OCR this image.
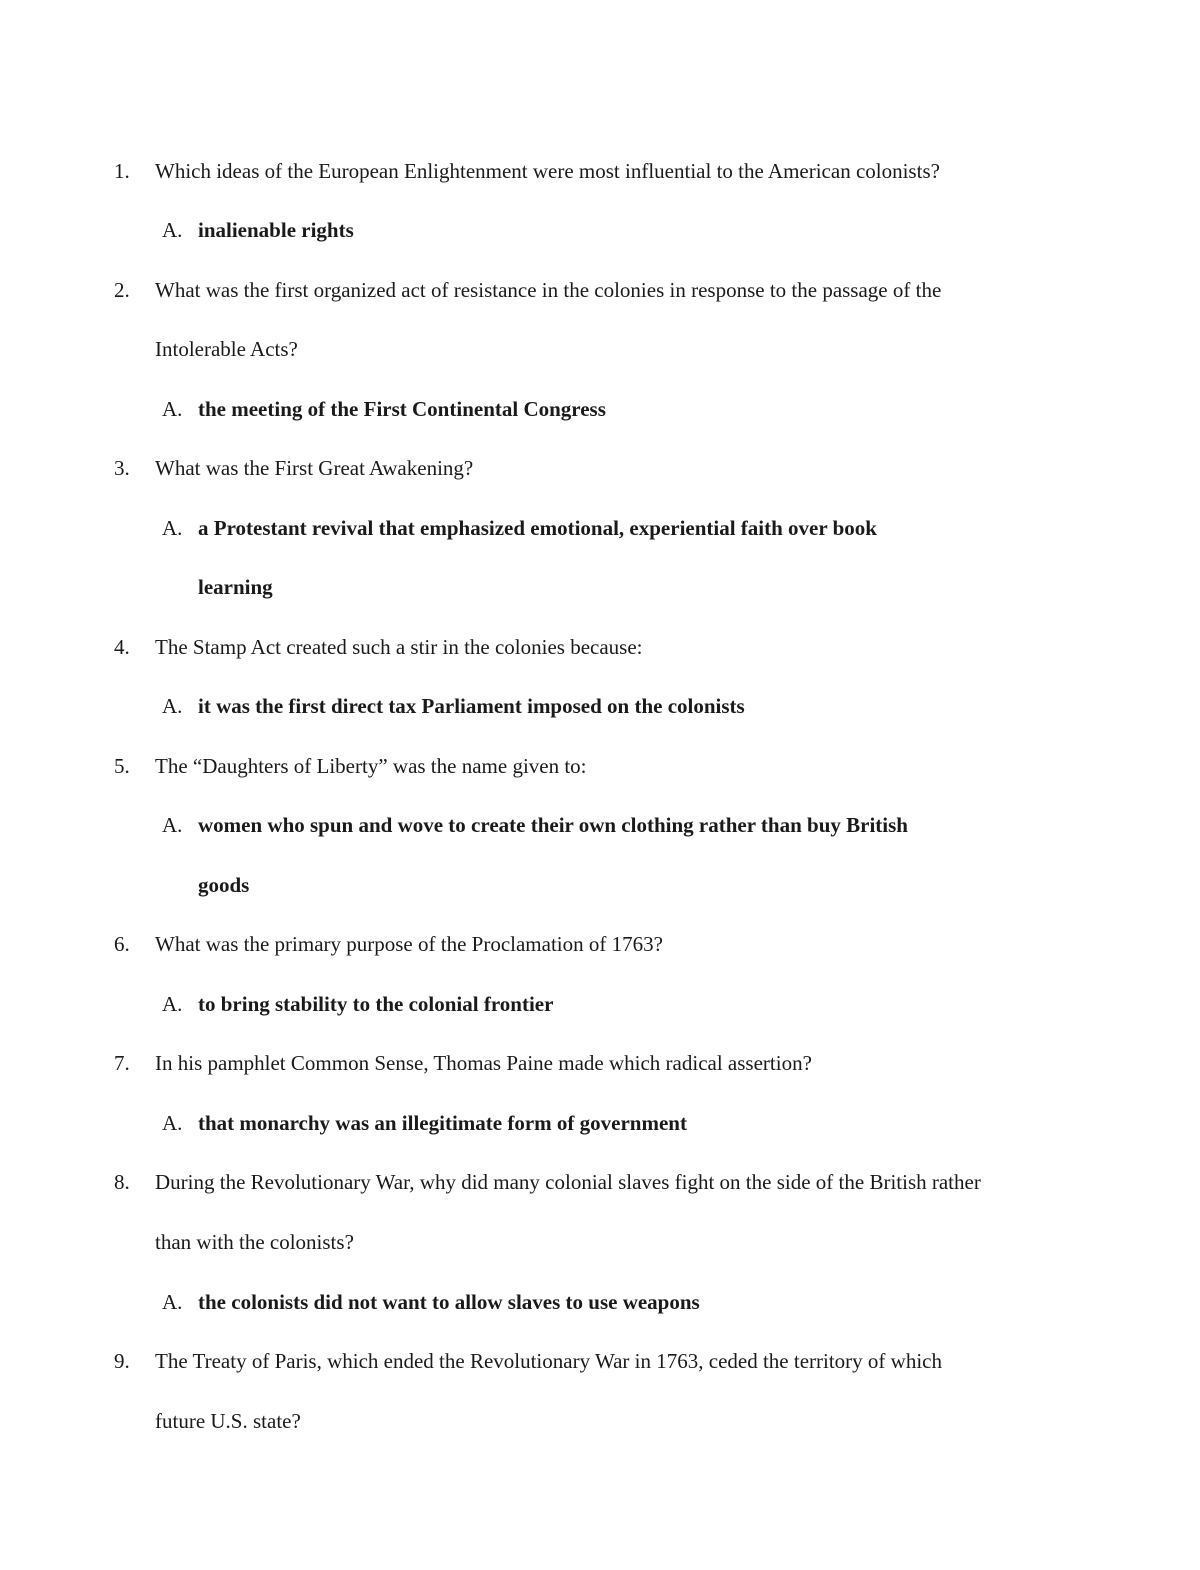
1.	Which ideas of the European Enlightenment were most influential to the American colonists?
A. inalienable rights
2.	What was the first organized act of resistance in the colonies in response to the passage of the
Intolerable Acts?
A. the meeting of the First Continental Congress
3.	What was the First Great Awakening?
A. a Protestant revival that emphasized emotional, experiential faith over book
learning
4.	The Stamp Act created such a stir in the colonies because:
A. it was the first direct tax Parliament imposed on the colonists
5.	The “Daughters of Liberty” was the name given to:
A. women who spun and wove to create their own clothing rather than buy British
goods
6.	What was the primary purpose of the Proclamation of 1763?
A. to bring stability to the colonial frontier
7.	In his pamphlet Common Sense, Thomas Paine made which radical assertion?
A. that monarchy was an illegitimate form of government
8.	During the Revolutionary War, why did many colonial slaves fight on the side of the British rather
than with the colonists?
A. the colonists did not want to allow slaves to use weapons
9.	The Treaty of Paris, which ended the Revolutionary War in 1763, ceded the territory of which
future U.S. state?
